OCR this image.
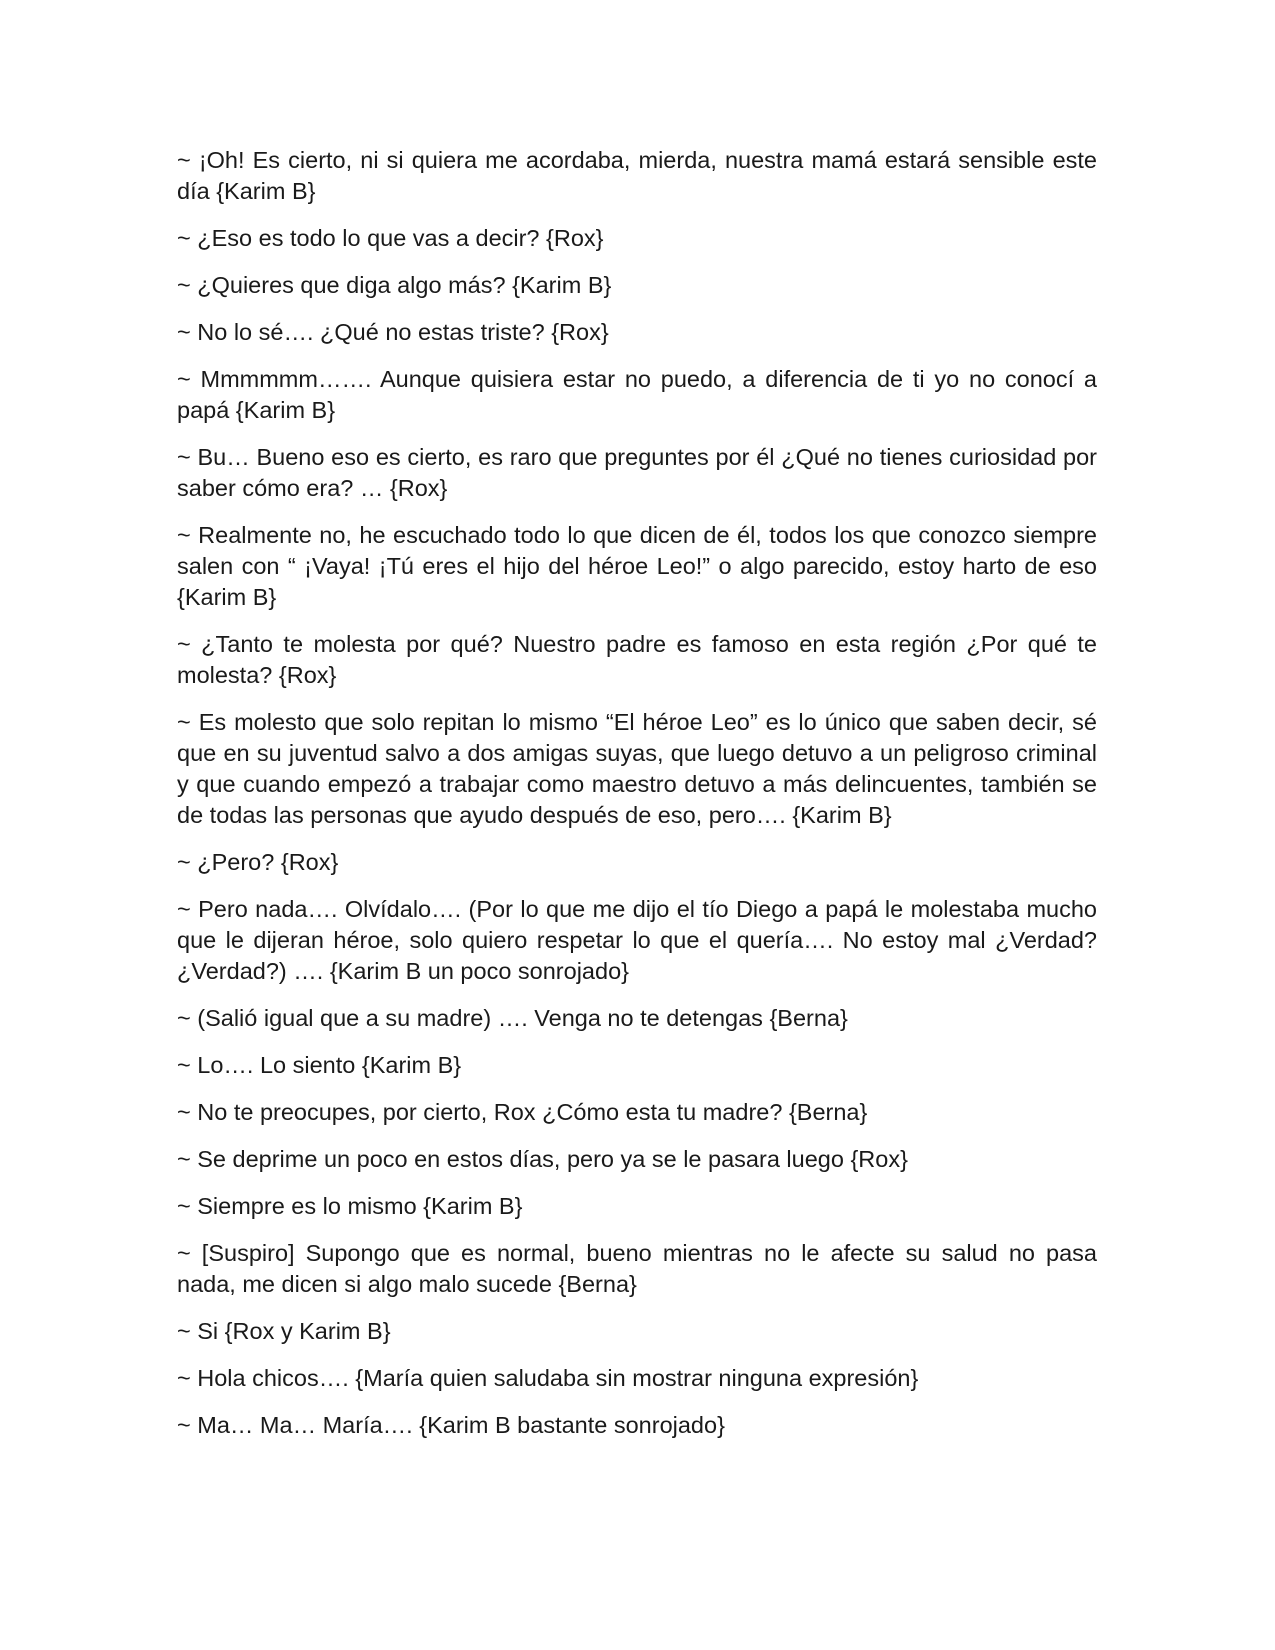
~ ¡Oh! Es cierto, ni si quiera me acordaba, mierda, nuestra mamá estará sensible este día {Karim B}

~ ¿Eso es todo lo que vas a decir? {Rox}

~ ¿Quieres que diga algo más? {Karim B}

~ No lo sé…. ¿Qué no estas triste? {Rox}

~ Mmmmmm……. Aunque quisiera estar no puedo, a diferencia de ti yo no conocí a papá {Karim B}

~ Bu… Bueno eso es cierto, es raro que preguntes por él ¿Qué no tienes curiosidad por saber cómo era? … {Rox}

~ Realmente no, he escuchado todo lo que dicen de él, todos los que conozco siempre salen con “ ¡Vaya! ¡Tú eres el hijo del héroe Leo!” o algo parecido, estoy harto de eso {Karim B}

~ ¿Tanto te molesta por qué? Nuestro padre es famoso en esta región ¿Por qué te molesta? {Rox}

~ Es molesto que solo repitan lo mismo “El héroe Leo” es lo único que saben decir, sé que en su juventud salvo a dos amigas suyas, que luego detuvo a un peligroso criminal y que cuando empezó a trabajar como maestro detuvo a más delincuentes, también se de todas las personas que ayudo después de eso, pero…. {Karim B}

~ ¿Pero? {Rox}

~ Pero nada…. Olvídalo…. (Por lo que me dijo el tío Diego a papá le molestaba mucho que le dijeran héroe, solo quiero respetar lo que el quería…. No estoy mal ¿Verdad? ¿Verdad?) …. {Karim B un poco sonrojado}

~ (Salió igual que a su madre) …. Venga no te detengas {Berna}

~ Lo…. Lo siento {Karim B}

~ No te preocupes, por cierto, Rox ¿Cómo esta tu madre? {Berna}

~ Se deprime un poco en estos días, pero ya se le pasara luego {Rox}

~ Siempre es lo mismo {Karim B}

~ [Suspiro] Supongo que es normal, bueno mientras no le afecte su salud no pasa nada, me dicen si algo malo sucede {Berna}

~ Si {Rox y Karim B}

~ Hola chicos…. {María quien saludaba sin mostrar ninguna expresión}

~ Ma… Ma… María…. {Karim B bastante sonrojado}
